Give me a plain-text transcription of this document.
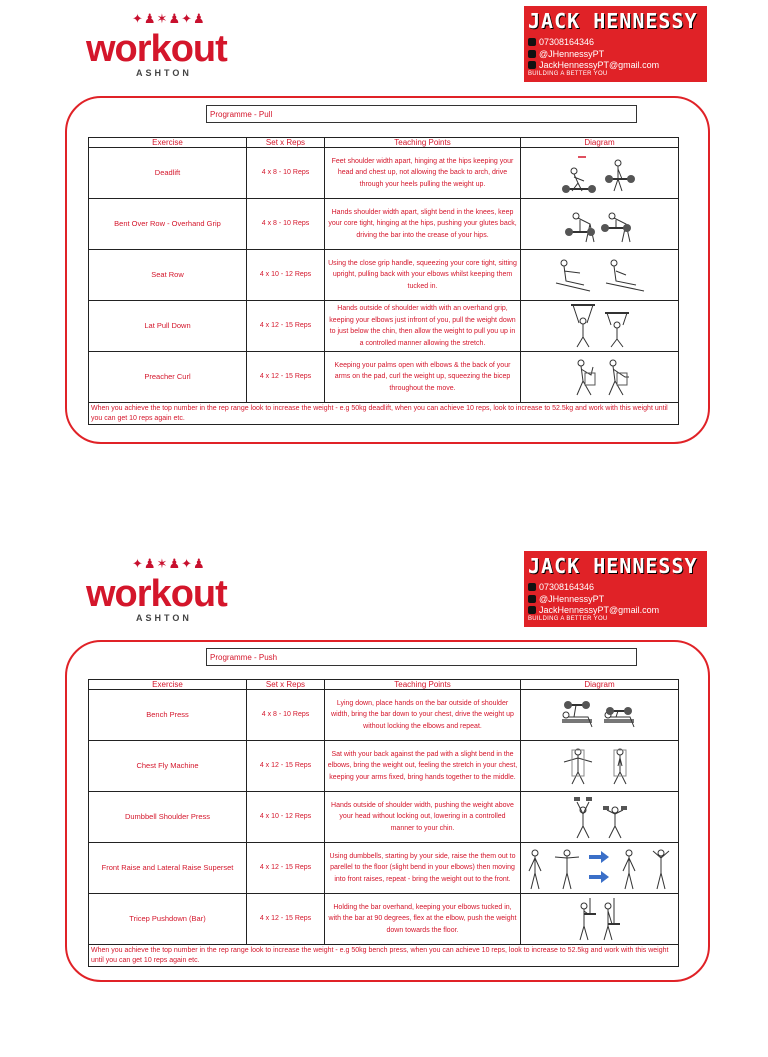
✦♟✶♟✦♟
workout
ASHTON
JACK HENNESSY
07308164346
@JHennessyPT
JackHennessyPT@gmail.com
BUILDING A BETTER YOU
Programme - Pull
Exercise	Set x Reps	Teaching Points	Diagram
Deadlift	4 x 8 - 10 Reps	Feet shoulder width apart, hinging at the hips keeping your head and chest up, not allowing the back to arch, drive through your heels pulling the weight up.	

Bent Over Row - Overhand Grip	4 x 8 - 10 Reps	Hands shoulder width apart, slight bend in the knees, keep your core tight, hinging at the hips, pushing your glutes back, driving the bar into the crease of your hips.	

Seat Row	4 x 10 - 12 Reps	Using the close grip handle, squeezing your core tight, sitting upright, pulling back with your elbows whilst keeping them tucked in.	

Lat Pull Down	4 x 12 - 15 Reps	Hands outside of shoulder width with an overhand grip, keeping your elbows just infront of you, pull the weight down to just below the chin, then allow the weight to pull you up in a controlled manner allowing the stretch.	

Preacher Curl	4 x 12 - 15 Reps	Keeping your palms open with elbows & the back of your arms on the pad, curl the weight up, squeezing the bicep throughout the move.	

When you achieve the top number in the rep range look to increase the weight - e.g 50kg deadlift, when you can achieve 10 reps, look to increase to 52.5kg and work with this weight until you can get 10 reps again etc.			
✦♟✶♟✦♟
workout
ASHTON
JACK HENNESSY
07308164346
@JHennessyPT
JackHennessyPT@gmail.com
BUILDING A BETTER YOU
Programme - Push
Exercise	Set x Reps	Teaching Points	Diagram
Bench Press	4 x 8 - 10 Reps	Lying down, place hands on the bar outside of shoulder width, bring the bar down to your chest, drive the weight up without locking the elbows and repeat.	

Chest Fly Machine	4 x 12 - 15 Reps	Sat with your back against the pad with a slight bend in the elbows, bring the weight out, feeling the stretch in your chest, keeping your arms fixed, bring hands together to the middle.	

Dumbbell Shoulder Press	4 x 10 - 12 Reps	Hands outside of shoulder width, pushing the weight above your head without locking out, lowering in a controlled manner to your chin.	

Front Raise and Lateral Raise Superset	4 x 12 - 15 Reps	Using dumbbells, starting by your side, raise the them out to parellel to the floor (slight bend in your elbows) then moving into front raises, repeat - bring the weight out to the front.	

Tricep Pushdown (Bar)	4 x 12 - 15 Reps	Holding the bar overhand, keeping your elbows tucked in, with the bar at 90 degrees, flex at the elbow, push the weight down towards the floor.	

When you achieve the top number in the rep range look to increase the weight - e.g 50kg bench press, when you can achieve 10 reps, look to increase to 52.5kg and work with this weight until you can get 10 reps again etc.			
